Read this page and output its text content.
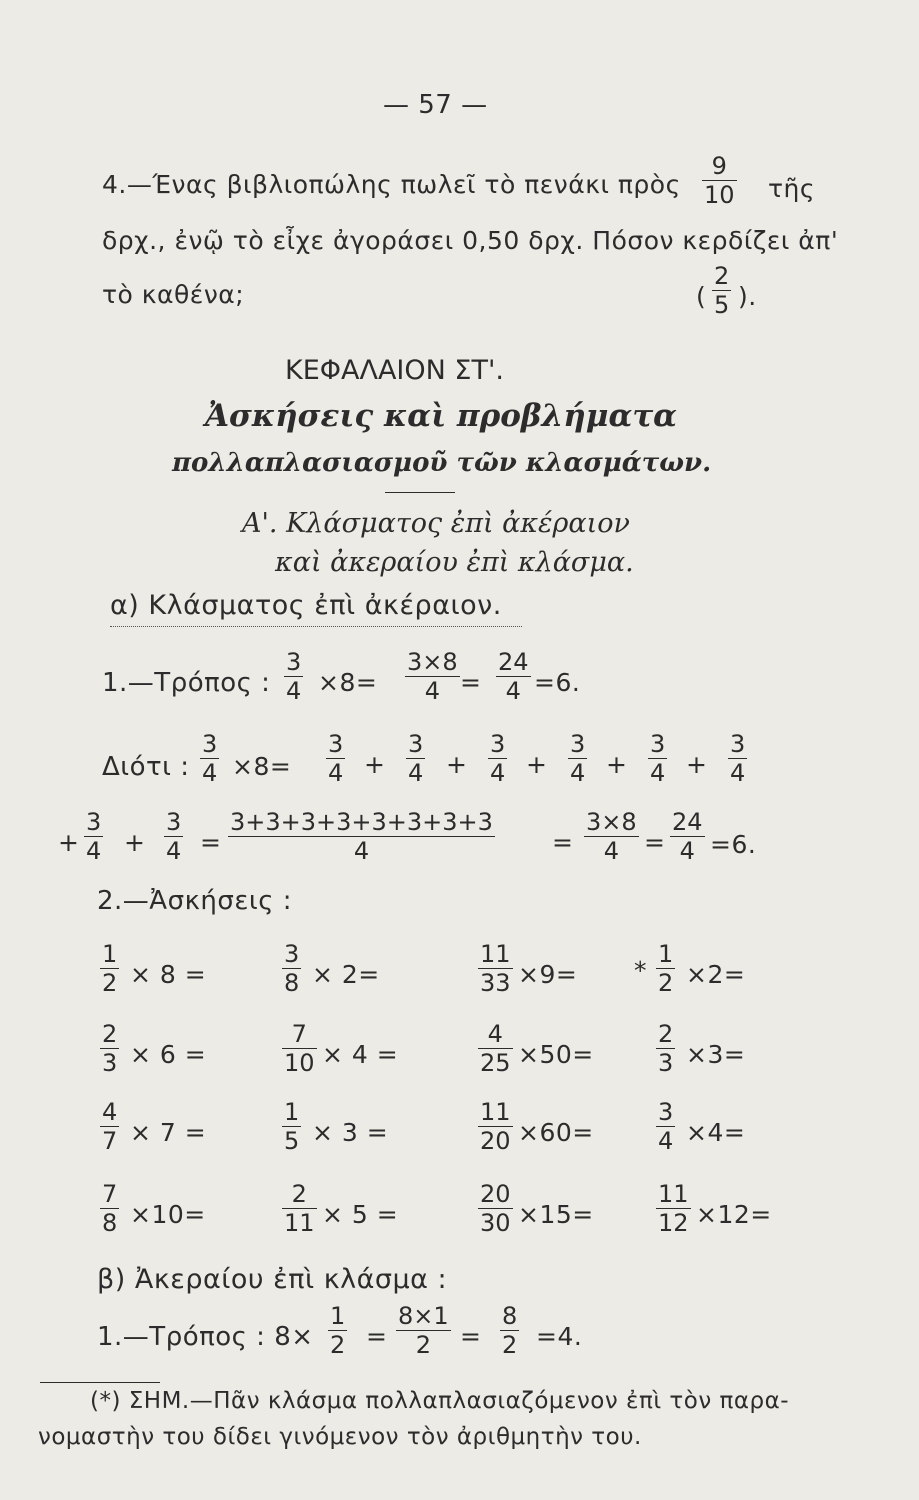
— 57 —
4.—Ένας βιβλιοπώλης πωλεῖ τὸ πενάκι πρὸς
9
10 τῆς
δρχ., ἐνῷ τὸ εἶχε ἀγοράσει 0,50 δρχ. Πόσον κερδίζει ἀπ'
τὸ καθένα;	(
2
5 ).
ΚΕΦΑΛΑΙΟΝ ΣΤ'.
Ἀσκήσεις καὶ προβλήματα
πολλαπλασιασμοῦ τῶν κλασμάτων.
Α'. Κλάσματος ἐπὶ ἀκέραιον
καὶ ἀκεραίου ἐπὶ κλάσμα.
α) Κλάσματος ἐπὶ ἀκέραιον.
1.—Τρόπος :
3
4 ×8=
3×8
4 =
24
4 =6.
Διότι :
3
4 ×8=
3
4 +
3
4 +
3
4 +
3
4 +
3
4 +
3
4
+
3
4 +
3
4 =
3+3+3+3+3+3+3+3
4	=
3×8
4 =
24
4 =6.
2.—Ἀσκήσεις :
1
2 × 8 =
3
8 × 2=
11
33 ×9= *
1
2 ×2=
2
3 × 6 =
7
10 × 4 =
4
25 ×50=
2
3 ×3=
4
7 × 7 =
1
5 × 3 =
11
20 ×60=
3
4 ×4=
7
8 ×10=
2
11 × 5 =
20
30 ×15=
11
12 ×12=
β) Ἀκεραίου ἐπὶ κλάσμα :
1.—Τρόπος : 8×
1
2 =
8×1
2 =
8
2 =4.
(*) ΣΗΜ.—Πᾶν κλάσμα πολλαπλασιαζόμενον ἐπὶ τὸν παρα-
νομαστὴν του δίδει γινόμενον τὸν ἀριθμητὴν του.
